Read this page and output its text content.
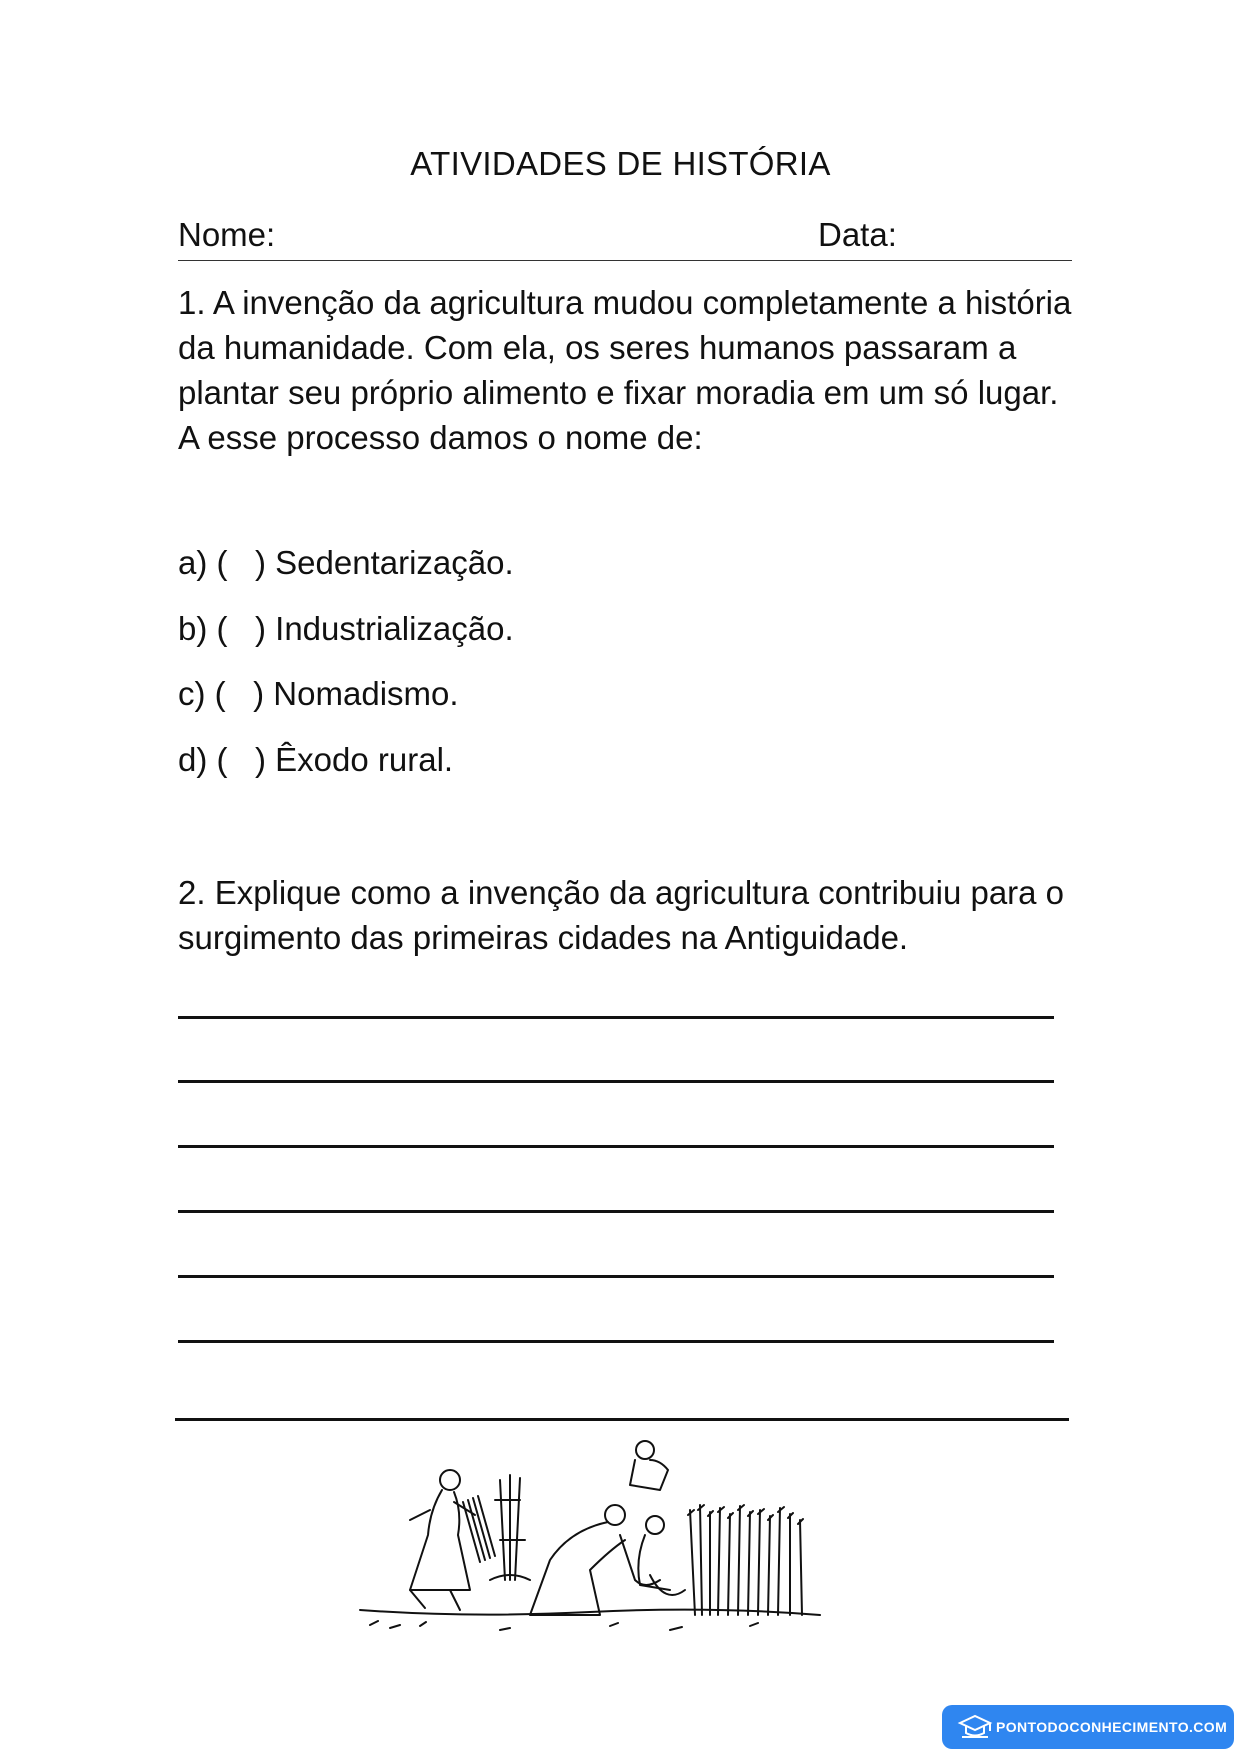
ATIVIDADES DE HISTÓRIA
Nome:	Data:

1. A invenção da agricultura mudou completamente a história da humanidade. Com ela, os seres humanos passaram a plantar seu próprio alimento e fixar moradia em um só lugar. A esse processo damos o nome de:

a) (   ) Sedentarização.
b) (   ) Industrialização.
c) (   ) Nomadismo.
d) (   ) Êxodo rural.

2. Explique como a invenção da agricultura contribuiu para o surgimento das primeiras cidades na Antiguidade.

PONTODOCONHECIMENTO.COM
